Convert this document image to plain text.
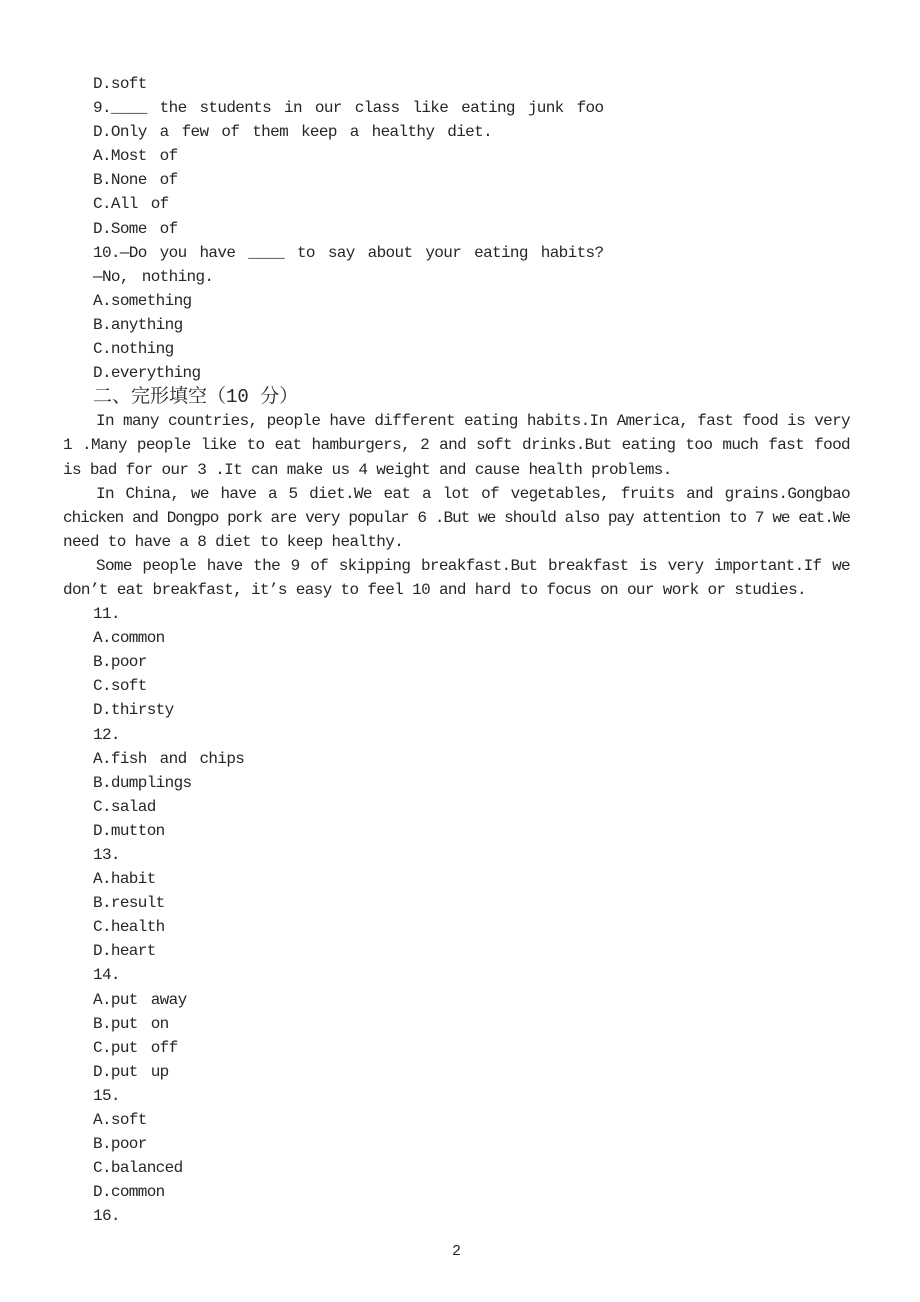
D.soft
9.____ the students in our class like eating junk foo
D.Only a few of them keep a healthy diet.
A.Most of
B.None of
C.All of
D.Some of
10.—Do you have ____ to say about your eating habits?
—No, nothing.
A.something
B.anything
C.nothing
D.everything
二、完形填空（10 分）
In many countries, people have different eating habits.In America, fast food is very
1 .Many people like to eat hamburgers, 2 and soft drinks.But eating too much fast food
is bad for our 3 .It can make us 4 weight and cause health problems.
In China, we have a 5 diet.We eat a lot of vegetables, fruits and grains.Gongbao
chicken and Dongpo pork are very popular 6 .But we should also pay attention to 7 we eat.We
need to have a 8 diet to keep healthy.
Some people have the 9 of skipping breakfast.But breakfast is very important.If we
don’t eat breakfast, it’s easy to feel 10 and hard to focus on our work or studies.
11.
A.common
B.poor
C.soft
D.thirsty
12.
A.fish and chips
B.dumplings
C.salad
D.mutton
13.
A.habit
B.result
C.health
D.heart
14.
A.put away
B.put on
C.put off
D.put up
15.
A.soft
B.poor
C.balanced
D.common
16.
2
